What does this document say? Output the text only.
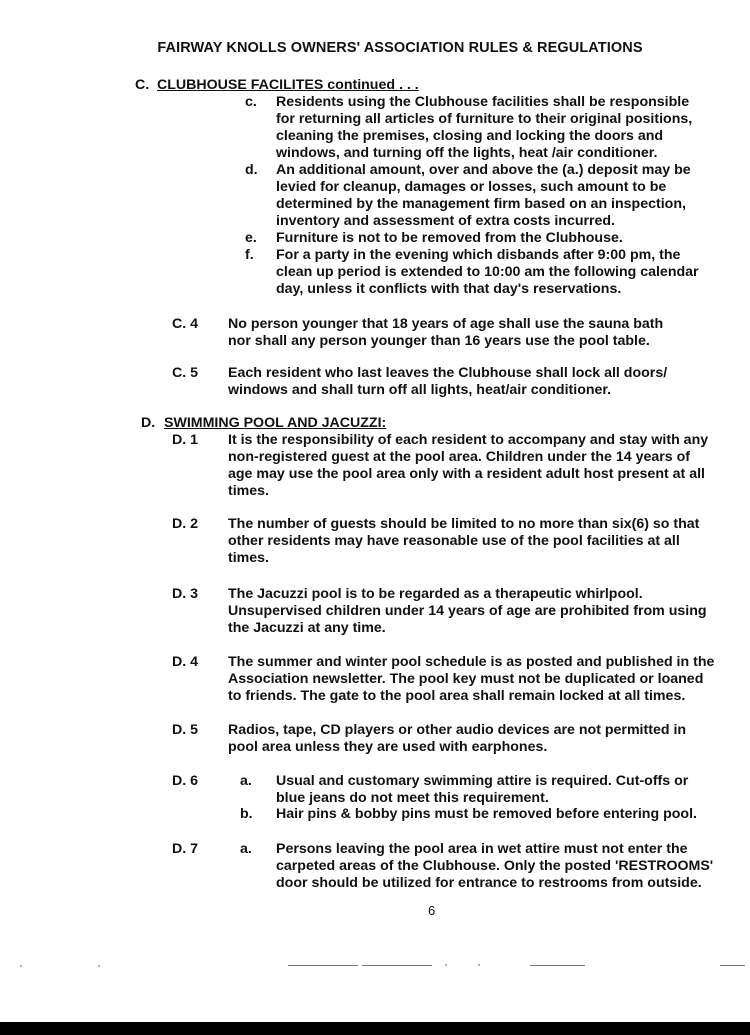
FAIRWAY KNOLLS OWNERS' ASSOCIATION RULES & REGULATIONS
C. CLUBHOUSE FACILITES continued . . .
c. Residents using the Clubhouse facilities shall be responsible
for returning all articles of furniture to their original positions,
cleaning the premises, closing and locking the doors and
windows, and turning off the lights, heat /air conditioner.
d. An additional amount, over and above the (a.) deposit may be
levied for cleanup, damages or losses, such amount to be
determined by the management firm based on an inspection,
inventory and assessment of extra costs incurred.
e. Furniture is not to be removed from the Clubhouse.
f. For a party in the evening which disbands after 9:00 pm, the
clean up period is extended to 10:00 am the following calendar
day, unless it conflicts with that day's reservations.
C. 4 No person younger that 18 years of age shall use the sauna bath
nor shall any person younger than 16 years use the pool table.
C. 5 Each resident who last leaves the Clubhouse shall lock all doors/
windows and shall turn off all lights, heat/air conditioner.
D. SWIMMING POOL AND JACUZZI:
D. 1 It is the responsibility of each resident to accompany and stay with any
non-registered guest at the pool area. Children under the 14 years of
age may use the pool area only with a resident adult host present at all
times.
D. 2 The number of guests should be limited to no more than six(6) so that
other residents may have reasonable use of the pool facilities at all
times.
D. 3 The Jacuzzi pool is to be regarded as a therapeutic whirlpool.
Unsupervised children under 14 years of age are prohibited from using
the Jacuzzi at any time.
D. 4 The summer and winter pool schedule is as posted and published in the
Association newsletter. The pool key must not be duplicated or loaned
to friends. The gate to the pool area shall remain locked at all times.
D. 5 Radios, tape, CD players or other audio devices are not permitted in
pool area unless they are used with earphones.
D. 6	a. Usual and customary swimming attire is required. Cut-offs or
blue jeans do not meet this requirement.
b. Hair pins & bobby pins must be removed before entering pool.
D. 7	a. Persons leaving the pool area in wet attire must not enter the
carpeted areas of the Clubhouse. Only the posted 'RESTROOMS'
door should be utilized for entrance to restrooms from outside.
6
